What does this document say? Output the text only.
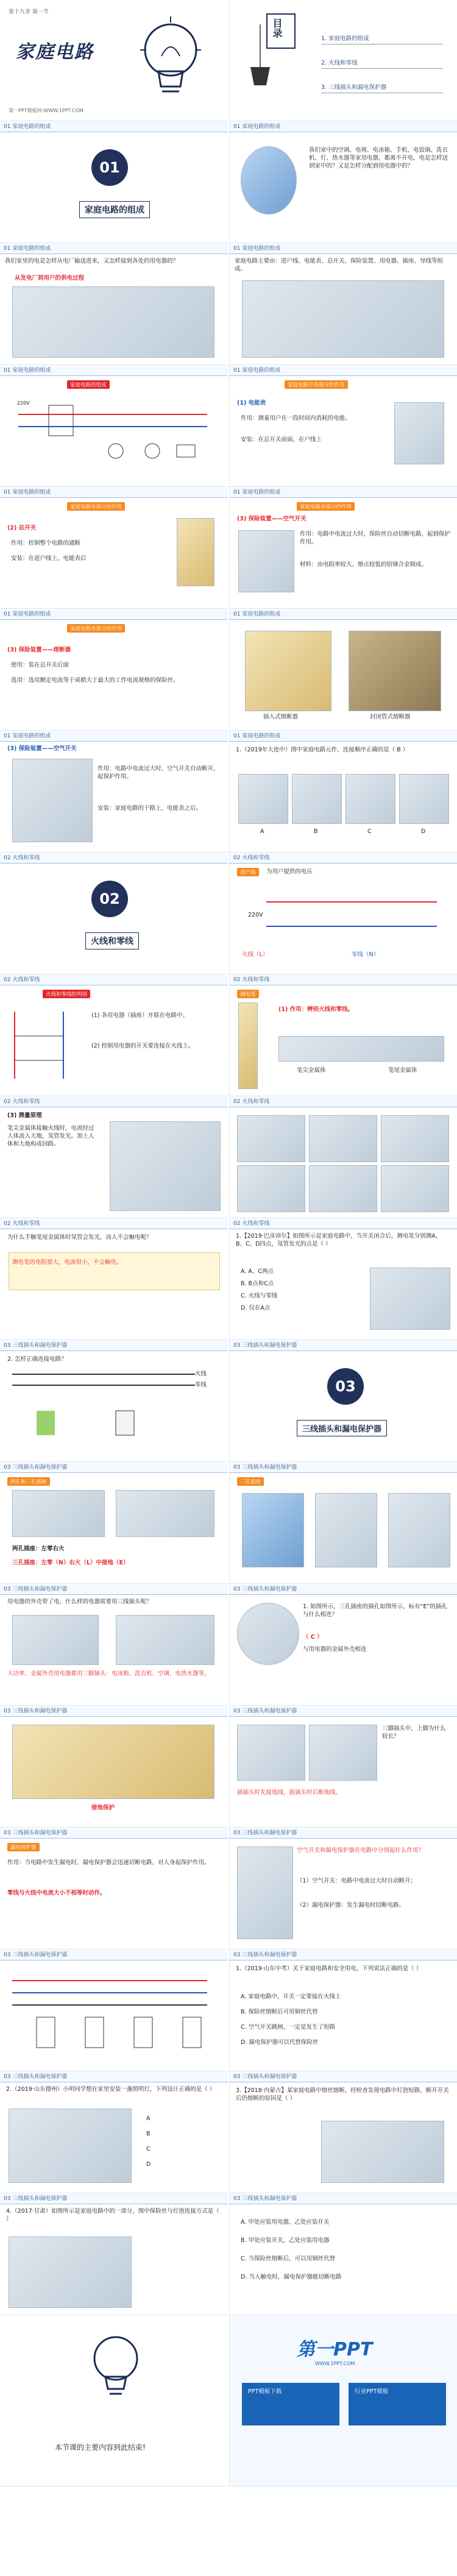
第十九章 第一节
家庭电路
第一PPT模板网-WWW.1PPT.COM
目录
1. 家庭电路的组成
2. 火线和零线
3. 三线插头和漏电保护器
01 家庭电路的组成
01
家庭电路的组成
01 家庭电路的组成
我们家中的空调、电视、电冰箱、手机、电饭锅、洗衣机、灯、热水器等家用电器，都离不开电，电是怎样送到家中的？又是怎样分配到用电器中的？
01 家庭电路的组成
我们家里的电是怎样从电厂输送进来，又怎样接到各处的用电器的？
从发电厂到用户的供电过程
01 家庭电路的组成
家庭电路主要由：进户线、电能表、总开关、保险装置、用电器、插座、导线等组成。
01 家庭电路的组成
家庭电路的组成
220V
01 家庭电路的组成
家庭电路中各部分的作用
(1) 电能表
作用：测量用户在一段时间内消耗的电能。
安装：在总开关前面，在户线上
01 家庭电路的组成
家庭电路各部分的作用
(2) 总开关
作用：控制整个电路的通断
安装：在进户线上，电能表后
01 家庭电路的组成
家庭电路各部分的作用
(3) 保险装置——空气开关
作用：电路中电流过大时，保险丝自动切断电路，起到保护作用。
材料：由电阻率较大、熔点较低的铅锑合金制成。
01 家庭电路的组成
家庭电路各部分的作用
(3) 保险装置——熔断器
使用：装在总开关后面
选用：选用额定电流等于或稍大于最大的工作电流规格的保险丝。
01 家庭电路的组成
插入式熔断器	封闭管式熔断器
01 家庭电路的组成
(3) 保险装置——空气开关
作用：电路中电流过大时，空气开关自动断开，起保护作用。
安装：家庭电路的干路上，电能表之后。
01 家庭电路的组成
1.（2019年大连中）图中家庭电路元件，连接顺序正确的是（ B ）
A	B	C	D
02 火线和零线
02
火线和零线
02 火线和零线
进户线	为用户提供的电压
220V
火线（L）	零线（N）
02 火线和零线
火线和零线的判别
(1) 各用电器（插座）并联在电路中。
(2) 控制用电器的开关要连接在火线上。
02 火线和零线
测电笔
(1) 作用：辨别火线和零线。
笔尖金属体	笔尾金属体
02 火线和零线
(3) 测量原理
笔尖金属体接触火线时，电流经过人体流入大地，氖管发光。加上人体和大地构成回路。
02 火线和零线
02 火线和零线
为什么手触笔尾金属体时氖管会发光，而人不会触电呢？
测电笔的电阻很大，电流很小，不会触电。
02 火线和零线
1.【2019·巴彦淖尔】如图所示是家庭电路中，当开关闭合后，测电笔分别测A、B、C、D四点，氖管发光的点是（ ）
A. A、C两点
B. B点和C点
C. 火线与零线
D. 仅在A点
03 三线插头和漏电保护器
2. 怎样正确连接电路？
火线
零线
03 三线插头和漏电保护器
03
三线插头和漏电保护器
03 三线插头和漏电保护器
两孔和三孔插座
两孔插座：左零右火
三孔插座：左零（N）右火（L）中接地（E）
03 三线插头和漏电保护器
三孔插座
03 三线插头和漏电保护器
用电器的外壳带了电，什么样的电器需要用三线插头呢？
大功率、金属外壳用电器都用三脚插头：电冰箱、洗衣机、空调、电热水器等。
03 三线插头和漏电保护器
1. 如图所示，三孔插座的插孔如图所示，标有“E”的插孔与什么相连？
（ C ）
与用电器的金属外壳相连
03 三线插头和漏电保护器
接地保护
03 三线插头和漏电保护器
三脚插头中，上脚为什么较长？
插插头时先接地线，拔插头时后断地线。
03 三线插头和漏电保护器
漏电保护器
作用：当电路中发生漏电时，漏电保护器会迅速切断电路，对人身起保护作用。
零线与火线中电流大小不相等时动作。
03 三线插头和漏电保护器
空气开关和漏电保护器在电路中分别起什么作用？
（1）空气开关：电路中电流过大时自动断开；
（2）漏电保护器：发生漏电时切断电路。
03 三线插头和漏电保护器	03 三线插头和漏电保护器
1.（2019·山东中考）关于家庭电路和安全用电，下列说法正确的是（ ）
A. 家庭电路中，开关一定要接在火线上
B. 保险丝熔断后可用铜丝代替
C. 空气开关跳闸，一定是发生了短路
D. 漏电保护器可以代替保险丝
03 三线插头和漏电保护器
2.（2019·山东德州）小明同学想在家里安装一盏照明灯，下列设计正确的是（ ）
A
B
C
D
03 三线插头和漏电保护器
3.【2018·内蒙古】某家庭电路中熔丝熔断，经检查发现电路中灯泡短路，断开开关后仍熔断的原因是（ ）
03 三线插头和漏电保护器
4.（2017·甘肃）如图所示是家庭电路中的一部分，图中保险丝与灯泡连接方式是（ ）
03 三线插头和漏电保护器
A. 甲处应装用电器，乙处应装开关
B. 甲处应装开关，乙处应装用电器
C. 当保险丝熔断后，可以用铜丝代替
D. 当人触电时，漏电保护器能切断电路
本节课的主要内容到此结束!
第一PPT
WWW.1PPT.COM
PPT模板下载	行业PPT模板
